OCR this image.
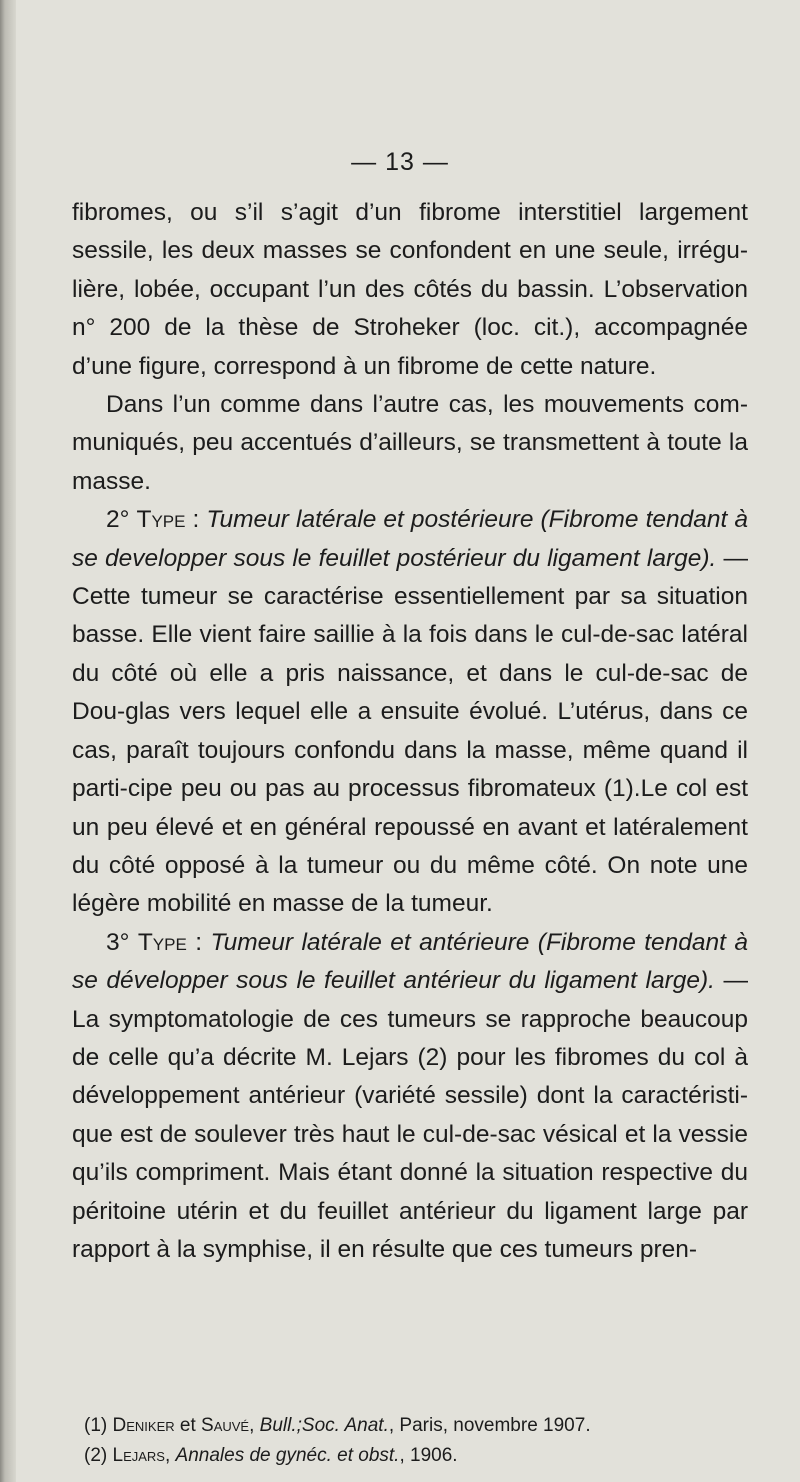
— 13 —

fibromes, ou s’il s’agit d’un fibrome interstitiel largement sessile, les deux masses se confondent en une seule, irrégu-lière, lobée, occupant l’un des côtés du bassin. L’observation n° 200 de la thèse de Stroheker (loc. cit.), accompagnée d’une figure, correspond à un fibrome de cette nature.

Dans l’un comme dans l’autre cas, les mouvements com-muniqués, peu accentués d’ailleurs, se transmettent à toute la masse.

2° Type : Tumeur latérale et postérieure (Fibrome tendant à se developper sous le feuillet postérieur du ligament large). — Cette tumeur se caractérise essentiellement par sa situation basse. Elle vient faire saillie à la fois dans le cul-de-sac latéral du côté où elle a pris naissance, et dans le cul-de-sac de Dou-glas vers lequel elle a ensuite évolué. L’utérus, dans ce cas, paraît toujours confondu dans la masse, même quand il parti-cipe peu ou pas au processus fibromateux (1).Le col est un peu élevé et en général repoussé en avant et latéralement du côté opposé à la tumeur ou du même côté. On note une légère mobilité en masse de la tumeur.

3° Type : Tumeur latérale et antérieure (Fibrome tendant à se développer sous le feuillet antérieur du ligament large). — La symptomatologie de ces tumeurs se rapproche beaucoup de celle qu’a décrite M. Lejars (2) pour les fibromes du col à développement antérieur (variété sessile) dont la caractéristi-que est de soulever très haut le cul-de-sac vésical et la vessie qu’ils compriment. Mais étant donné la situation respective du péritoine utérin et du feuillet antérieur du ligament large par rapport à la symphise, il en résulte que ces tumeurs pren-

(1) Deniker et Sauvé, Bull.;Soc. Anat., Paris, novembre 1907.
(2) Lejars, Annales de gynéc. et obst., 1906.
